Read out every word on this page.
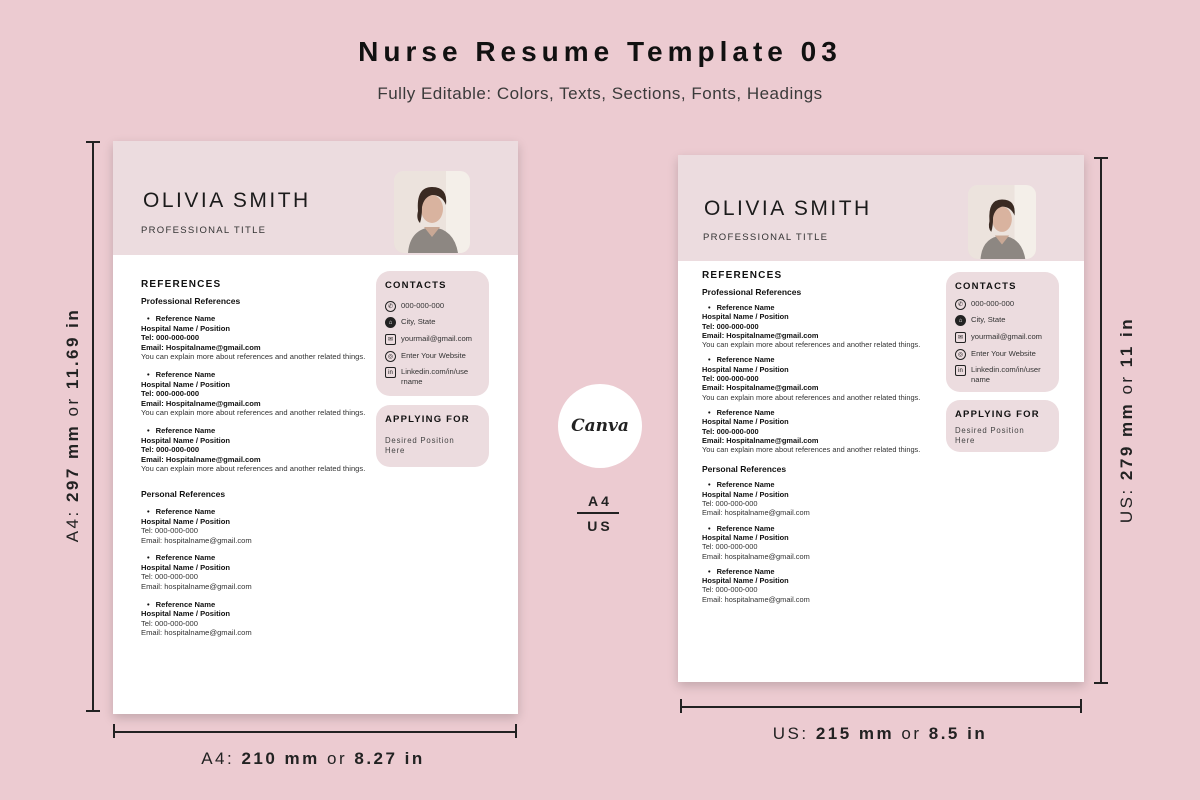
Nurse Resume Template 03
Fully Editable: Colors, Texts, Sections, Fonts, Headings
A4: 297 mm or 11.69 in
A4: 210 mm or 8.27 in
US: 279 mm or 11 in
US: 215 mm or 8.5 in
Canva
A4
US
OLIVIA SMITH
PROFESSIONAL TITLE
REFERENCES
Professional References
• Reference Name
Hospital Name / Position
Tel: 000-000-000
Email: Hospitalname@gmail.com
You can explain more about references and another related things.
• Reference Name
Hospital Name / Position
Tel: 000-000-000
Email: Hospitalname@gmail.com
You can explain more about references and another related things.
• Reference Name
Hospital Name / Position
Tel: 000-000-000
Email: Hospitalname@gmail.com
You can explain more about references and another related things.
Personal References
• Reference Name
Hospital Name / Position
Tel: 000-000-000
Email: hospitalname@gmail.com
• Reference Name
Hospital Name / Position
Tel: 000-000-000
Email: hospitalname@gmail.com
• Reference Name
Hospital Name / Position
Tel: 000-000-000
Email: hospitalname@gmail.com
CONTACTS
✆	000-000-000
⌂	City, State
✉	yourmail@gmail.com
◎	Enter Your Website
in	Linkedin.com/in/use rname
APPLYING FOR
Desired Position Here
OLIVIA SMITH
PROFESSIONAL TITLE
REFERENCES
Professional References
• Reference Name
Hospital Name / Position
Tel: 000-000-000
Email: Hospitalname@gmail.com
You can explain more about references and another related things.
• Reference Name
Hospital Name / Position
Tel: 000-000-000
Email: Hospitalname@gmail.com
You can explain more about references and another related things.
• Reference Name
Hospital Name / Position
Tel: 000-000-000
Email: Hospitalname@gmail.com
You can explain more about references and another related things.
Personal References
• Reference Name
Hospital Name / Position
Tel: 000-000-000
Email: hospitalname@gmail.com
• Reference Name
Hospital Name / Position
Tel: 000-000-000
Email: hospitalname@gmail.com
• Reference Name
Hospital Name / Position
Tel: 000-000-000
Email: hospitalname@gmail.com
CONTACTS
✆	000-000-000
⌂	City, State
✉	yourmail@gmail.com
◎	Enter Your Website
in	Linkedin.com/in/user name
APPLYING FOR
Desired Position Here
